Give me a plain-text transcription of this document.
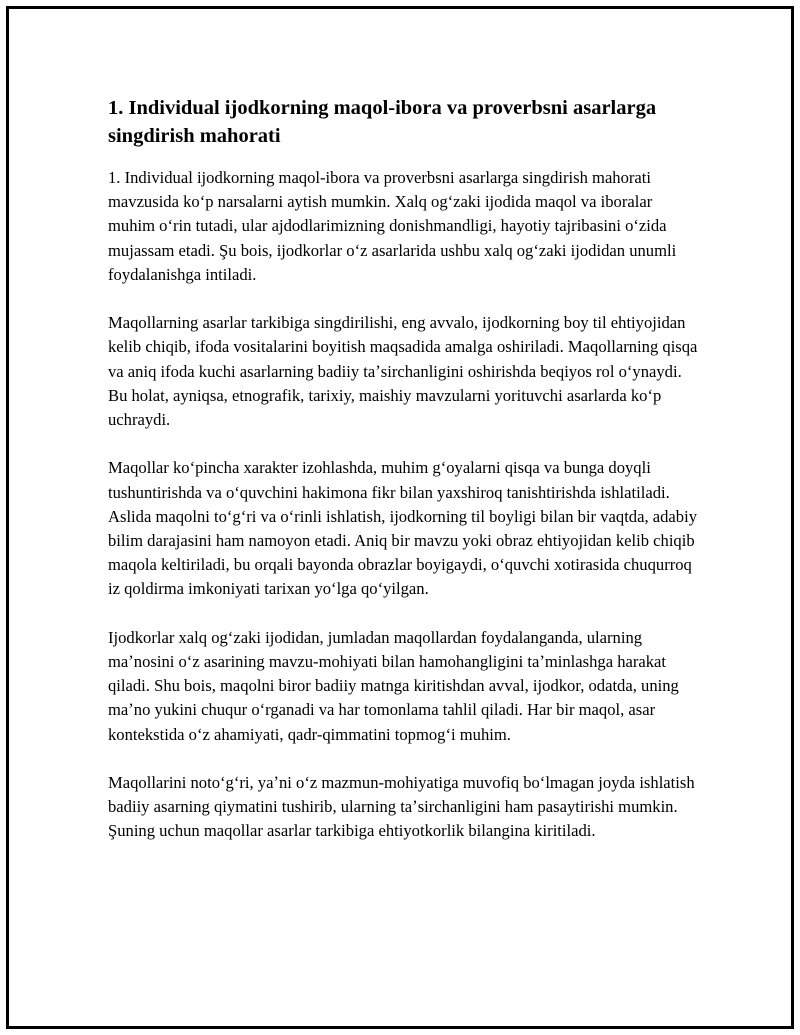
1. Individual ijodkorning maqol-ibora va proverbsni asarlarga singdirish mahorati

1. Individual ijodkorning maqol-ibora va proverbsni asarlarga singdirish mahorati mavzusida koʻp narsalarni aytish mumkin. Xalq ogʻzaki ijodida maqol va iboralar muhim oʻrin tutadi, ular ajdodlarimizning donishmandligi, hayotiy tajribasini oʻzida mujassam etadi. Şu bois, ijodkorlar oʻz asarlarida ushbu xalq ogʻzaki ijodidan unumli foydalanishga intiladi.

Maqollarning asarlar tarkibiga singdirilishi, eng avvalo, ijodkorning boy til ehtiyojidan kelib chiqib, ifoda vositalarini boyitish maqsadida amalga oshiriladi. Maqollarning qisqa va aniq ifoda kuchi asarlarning badiiy taʼsirchanligini oshirishda beqiyos rol oʻynaydi. Bu holat, ayniqsa, etnografik, tarixiy, maishiy mavzularni yorituvchi asarlarda koʻp uchraydi.

Maqollar koʻpincha xarakter izohlashda, muhim gʻoyalarni qisqa va bunga doyqli tushuntirishda va oʻquvchini hakimona fikr bilan yaxshiroq tanishtirishda ishlatiladi. Aslida maqolni toʻgʻri va oʻrinli ishlatish, ijodkorning til boyligi bilan bir vaqtda, adabiy bilim darajasini ham namoyon etadi. Aniq bir mavzu yoki obraz ehtiyojidan kelib chiqib maqola keltiriladi, bu orqali bayonda obrazlar boyigaydi, oʻquvchi xotirasida chuqurroq iz qoldirma imkoniyati tarixan yoʻlga qoʻyilgan.

Ijodkorlar xalq ogʻzaki ijodidan, jumladan maqollardan foydalanganda, ularning maʼnosini oʻz asarining mavzu-mohiyati bilan hamohangligini taʼminlashga harakat qiladi. Shu bois, maqolni biror badiiy matnga kiritishdan avval, ijodkor, odatda, uning maʼno yukini chuqur oʻrganadi va har tomonlama tahlil qiladi. Har bir maqol, asar kontekstida oʻz ahamiyati, qadr-qimmatini topmogʻi muhim.

Maqollarini notoʻgʻri, yaʼni oʻz mazmun-mohiyatiga muvofiq boʻlmagan joyda ishlatish badiiy asarning qiymatini tushirib, ularning taʼsirchanligini ham pasaytirishi mumkin. Şuning uchun maqollar asarlar tarkibiga ehtiyotkorlik bilangina kiritiladi.
